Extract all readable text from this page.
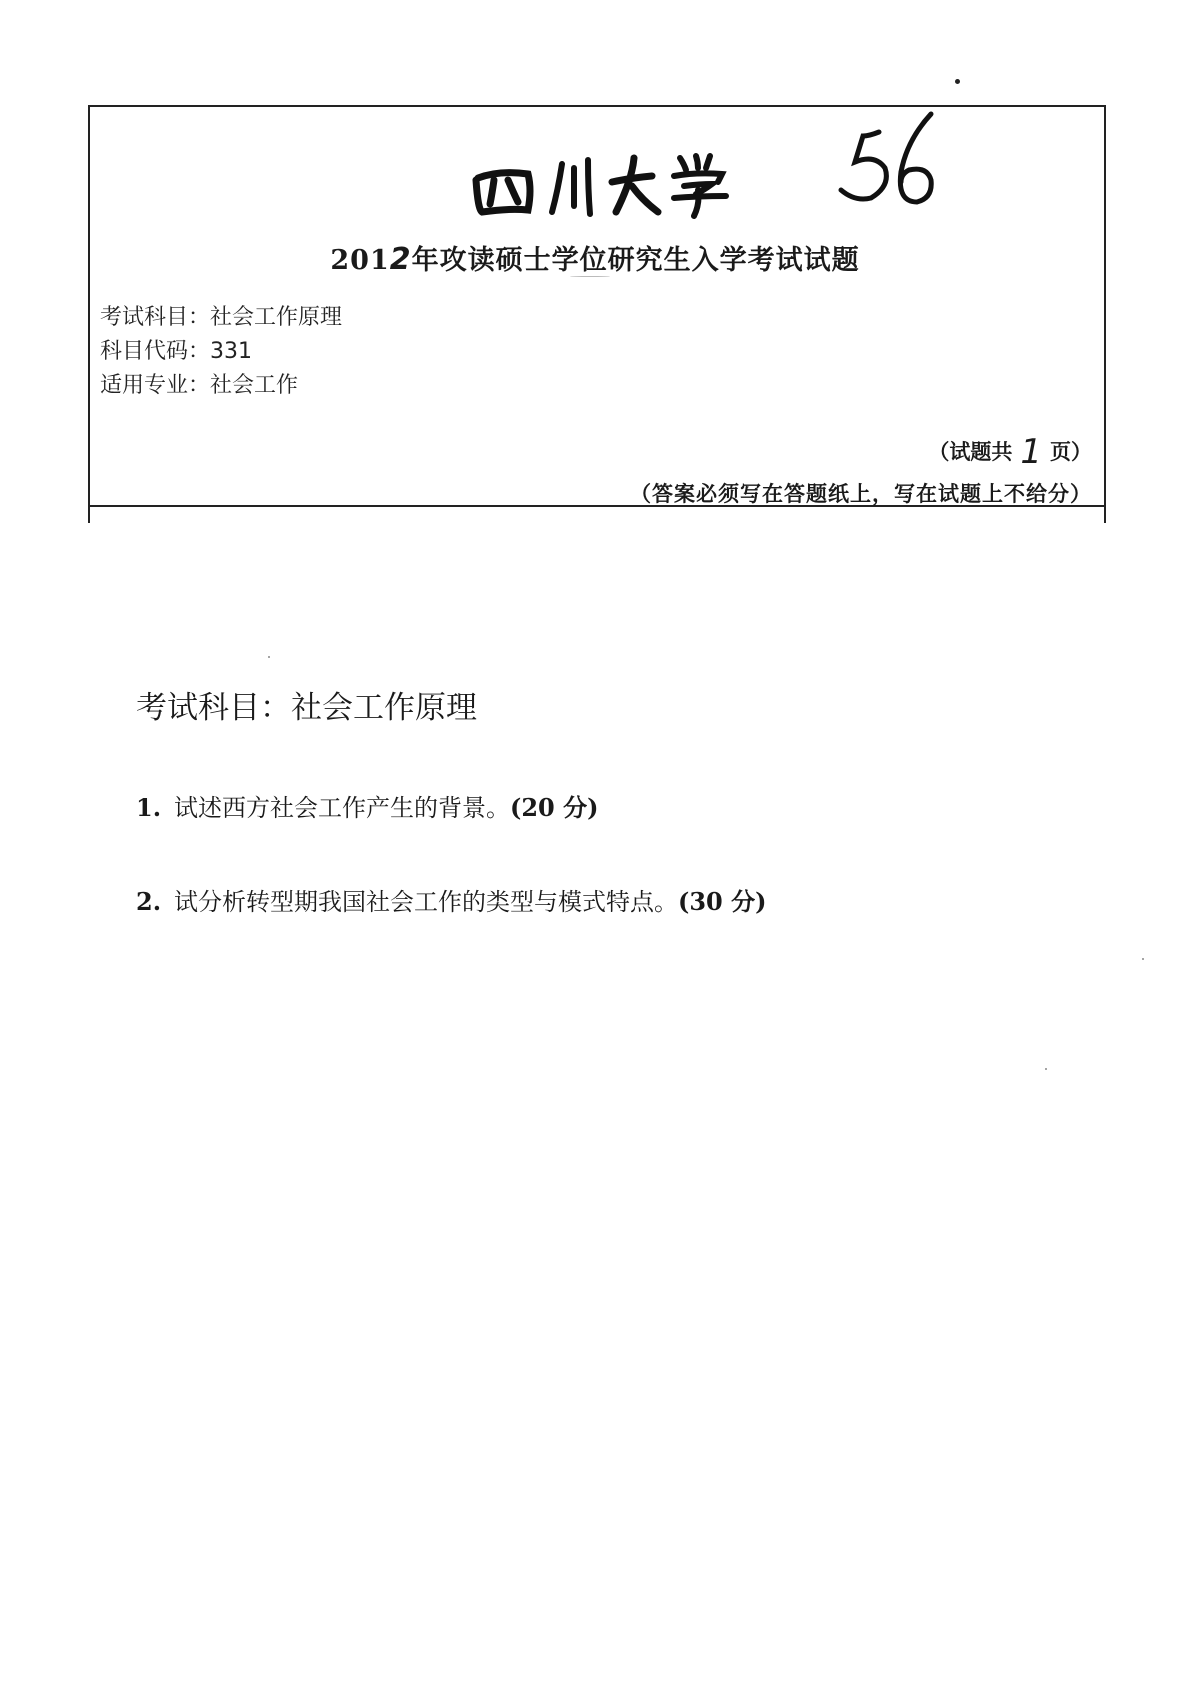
2012年攻读硕士学位研究生入学考试试题
考试科目：社会工作原理
科目代码：331
适用专业：社会工作
（试题共 1 页）
（答案必须写在答题纸上，写在试题上不给分）
考试科目：社会工作原理
1. 试述西方社会工作产生的背景。(20 分)
2. 试分析转型期我国社会工作的类型与模式特点。(30 分)
